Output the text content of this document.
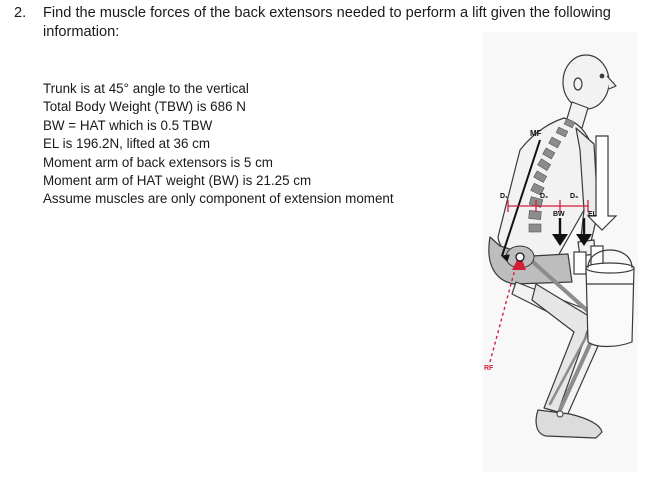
2.	Find the muscle forces of the back extensors needed to perform a lift given the following information:
Trunk is at 45° angle to the vertical
Total Body Weight (TBW) is 686 N
BW = HAT which is 0.5 TBW
EL is 196.2N, lifted at 36 cm
Moment arm of back extensors is 5 cm
Moment arm of HAT weight (BW) is 21.25 cm
Assume muscles are only component of extension moment
MF
D₁	D₂	D₃
BW	EL
RF
